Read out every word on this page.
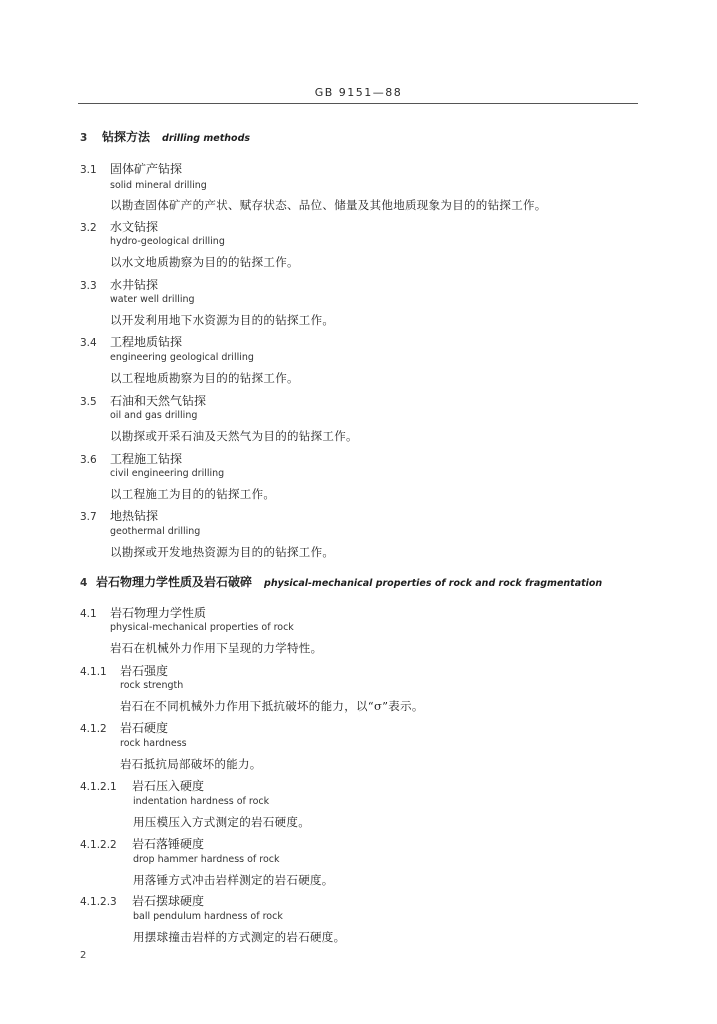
GB 9151—88
3 钻探方法 drilling methods
3.1 固体矿产钻探
solid mineral drilling
以勘查固体矿产的产状、赋存状态、品位、储量及其他地质现象为目的的钻探工作。
3.2 水文钻探
hydro-geological drilling
以水文地质勘察为目的的钻探工作。
3.3 水井钻探
water well drilling
以开发利用地下水资源为目的的钻探工作。
3.4 工程地质钻探
engineering geological drilling
以工程地质勘察为目的的钻探工作。
3.5 石油和天然气钻探
oil and gas drilling
以勘探或开采石油及天然气为目的的钻探工作。
3.6 工程施工钻探
civil engineering drilling
以工程施工为目的的钻探工作。
3.7 地热钻探
geothermal drilling
以勘探或开发地热资源为目的的钻探工作。
4 岩石物理力学性质及岩石破碎 physical-mechanical properties of rock and rock fragmentation
4.1 岩石物理力学性质
physical-mechanical properties of rock
岩石在机械外力作用下呈现的力学特性。
4.1.1 岩石强度
rock strength
岩石在不同机械外力作用下抵抗破坏的能力，以“σ”表示。
4.1.2 岩石硬度
rock hardness
岩石抵抗局部破坏的能力。
4.1.2.1 岩石压入硬度
indentation hardness of rock
用压模压入方式测定的岩石硬度。
4.1.2.2 岩石落锤硬度
drop hammer hardness of rock
用落锤方式冲击岩样测定的岩石硬度。
4.1.2.3 岩石摆球硬度
ball pendulum hardness of rock
用摆球撞击岩样的方式测定的岩石硬度。
2
